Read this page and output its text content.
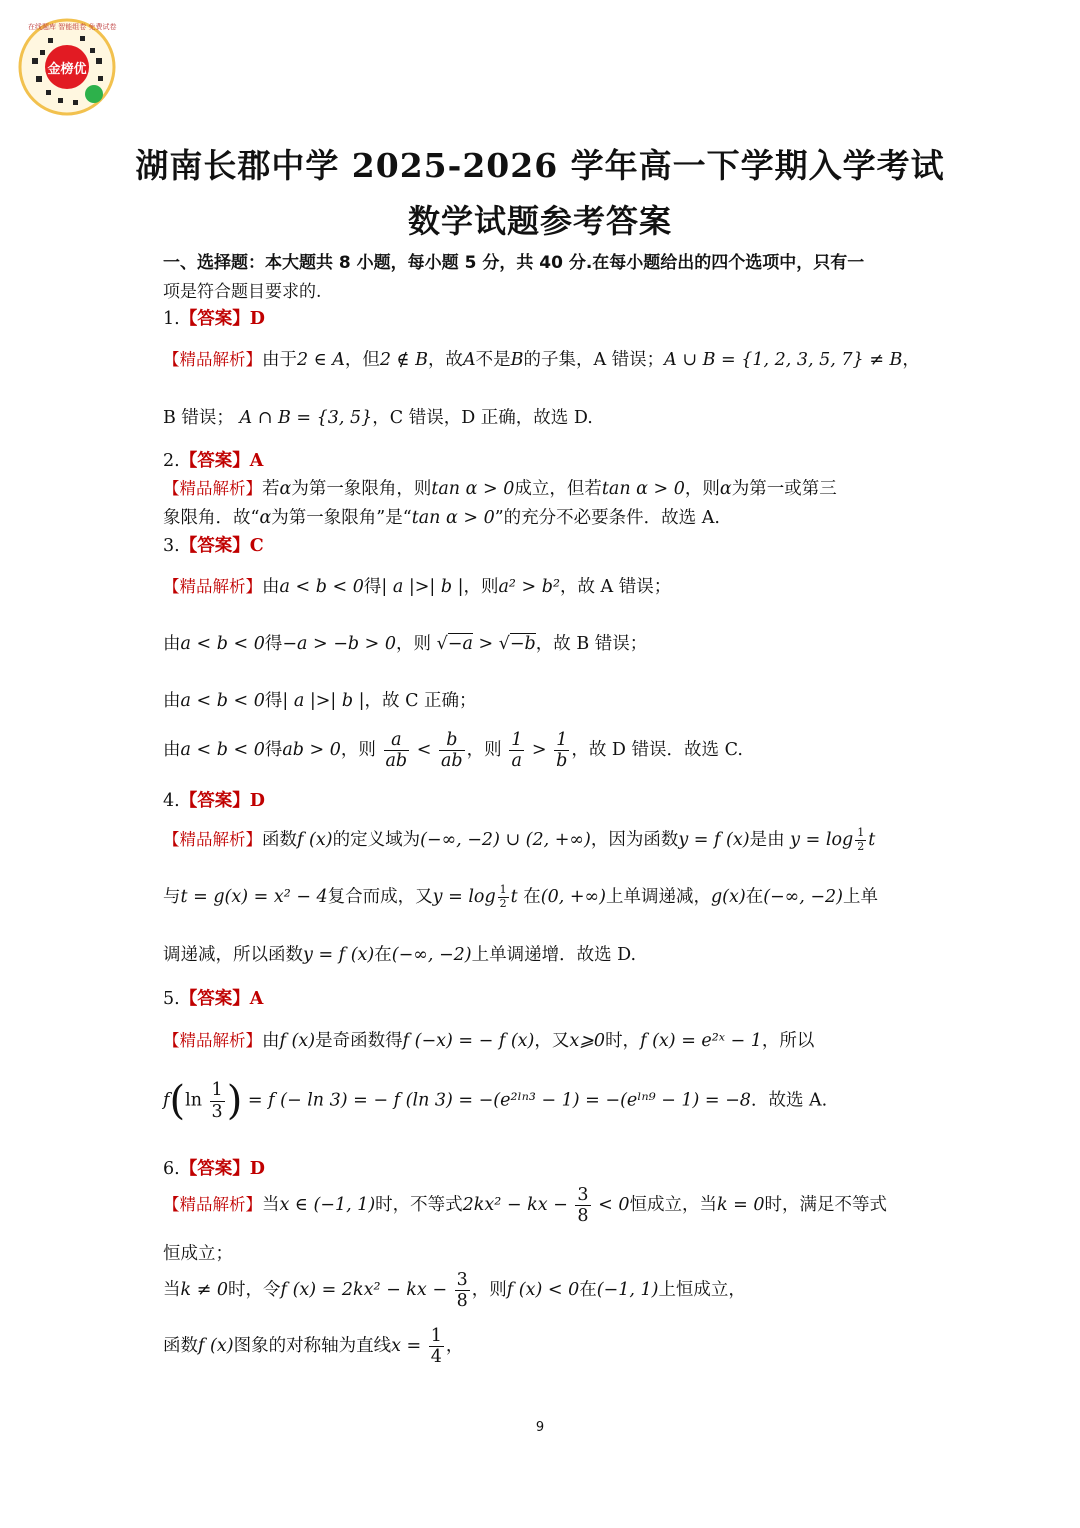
金榜优
在线题库 智能组卷 免费试卷
湖南长郡中学 2025-2026 学年高一下学期入学考试
数学试题参考答案
一、选择题：本大题共 8 小题，每小题 5 分，共 40 分.在每小题给出的四个选项中，只有一
项是符合题目要求的.
1.【答案】D
【精品解析】由于2 ∈ A，但2 ∉ B，故A不是B的子集，A 错误；A ∪ B = {1, 2, 3, 5, 7} ≠ B，
B 错误； A ∩ B = {3, 5}，C 错误，D 正确，故选 D.
2.【答案】A
【精品解析】若α为第一象限角，则tan α > 0成立，但若tan α > 0，则α为第一或第三
象限角．故“α为第一象限角”是“tan α > 0”的充分不必要条件．故选 A.
3.【答案】C
【精品解析】由a < b < 0得| a |>| b |，则a² > b²，故 A 错误；
由a < b < 0得−a > −b > 0，则 √−a > √−b，故 B 错误；
由a < b < 0得| a |>| b |，故 C 正确；
由a < b < 0得ab > 0，则 $\frac{a}{ab} < \frac{b}{ab}$ ，则 $\frac{1}{a} > \frac{1}{b}$ ，故 D 错误．故选 C.
4.【答案】D
【精品解析】函数f (x)的定义域为(−∞, −2) ∪ (2, +∞)，因为函数y = f (x)是由 $y = \log \frac{1}{2}$ t
与t = g(x) = x² − 4复合而成，又$y = \log \frac{1}{2}$ t 在(0, +∞)上单调递减，g(x)在(−∞, −2)上单
调递减，所以函数y = f (x)在(−∞, −2)上单调递增．故选 D.
5.【答案】A
【精品解析】由f (x)是奇函数得f (−x) = − f (x)，又x⩾0时，f (x) = e²ˣ − 1，所以
$f(\ln \frac{1}{3}$ ) = f (− ln 3) = − f (ln 3) = −(e²ˡⁿ³ − 1) = −(eˡⁿ⁹ − 1) = −8．故选 A.
6.【答案】D
【精品解析】当x ∈ (−1, 1)时，不等式2kx² − kx − $\frac{3}{8} < 0$恒成立，当k = 0时，满足不等式
恒成立；
当k ≠ 0时，令f (x) = 2kx² − kx − $\frac{3}{8}$ ，则f (x) < 0在(−1, 1)上恒成立，
函数f (x)图象的对称轴为直线$x = \frac{1}{4}$ ，
9
